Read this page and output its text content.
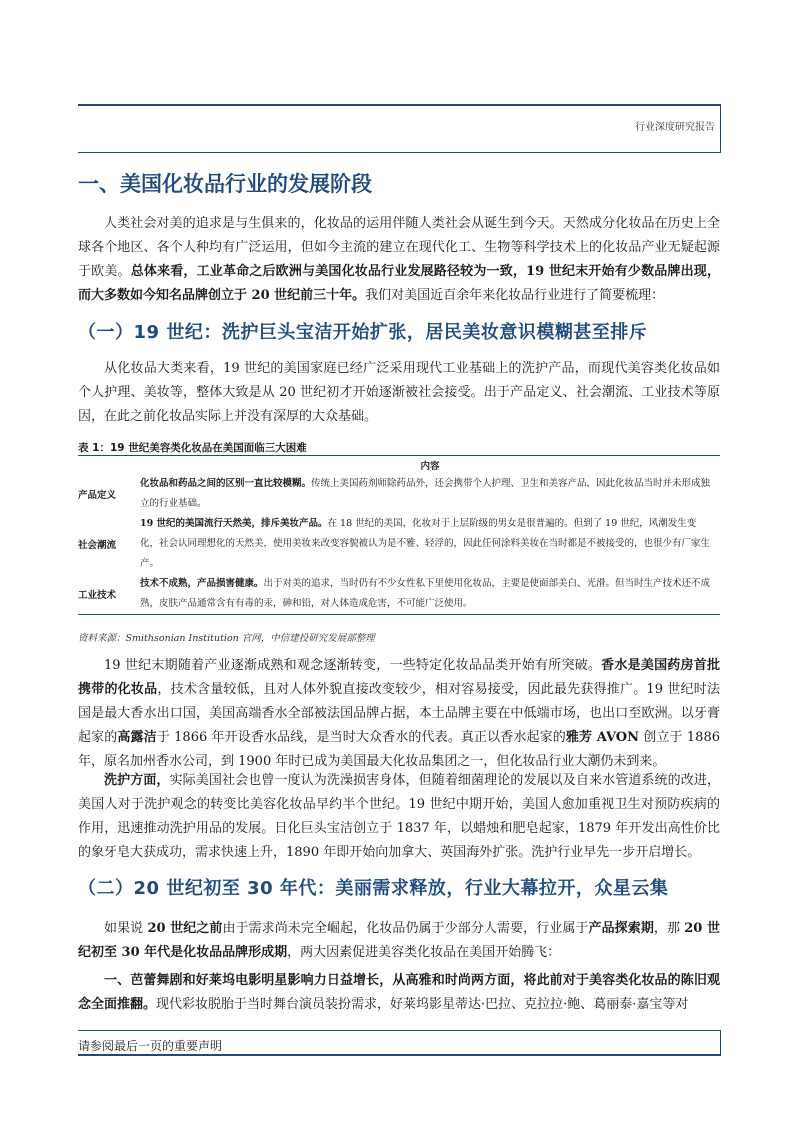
行业深度研究报告
一、美国化妆品行业的发展阶段

人类社会对美的追求是与生俱来的，化妆品的运用伴随人类社会从诞生到今天。天然成分化妆品在历史上全球各个地区、各个人种均有广泛运用，但如今主流的建立在现代化工、生物等科学技术上的化妆品产业无疑起源于欧美。总体来看，工业革命之后欧洲与美国化妆品行业发展路径较为一致，19 世纪末开始有少数品牌出现，而大多数如今知名品牌创立于 20 世纪前三十年。我们对美国近百余年来化妆品行业进行了简要梳理：

（一）19 世纪：洗护巨头宝洁开始扩张，居民美妆意识模糊甚至排斥

从化妆品大类来看，19 世纪的美国家庭已经广泛采用现代工业基础上的洗护产品，而现代美容类化妆品如个人护理、美妆等，整体大致是从 20 世纪初才开始逐渐被社会接受。出于产品定义、社会潮流、工业技术等原因，在此之前化妆品实际上并没有深厚的大众基础。

表 1：19 世纪美容类化妆品在美国面临三大困难
	内容
产品定义	化妆品和药品之间的区别一直比较模糊。传统上美国药剂师除药品外，还会携带个人护理、卫生和美容产品，因此化妆品当时并未形成独立的行业基础。
社会潮流	19 世纪的美国流行天然美，排斥美妆产品。在 18 世纪的美国，化妆对于上层阶级的男女是很普遍的。但到了 19 世纪，风潮发生变化，社会认同理想化的天然美，使用美妆来改变容貌被认为是不雅、轻浮的，因此任何涂料美妆在当时都是不被接受的，也很少有厂家生产。
工业技术	技术不成熟，产品损害健康。出于对美的追求，当时仍有不少女性私下里使用化妆品，主要是使面部美白、光滑。但当时生产技术还不成熟，皮肤产品通常含有有毒的汞，砷和铅，对人体造成危害，不可能广泛使用。
资料来源：Smithsonian Institution 官网，中信建投研究发展部整理

19 世纪末期随着产业逐渐成熟和观念逐渐转变，一些特定化妆品品类开始有所突破。香水是美国药房首批携带的化妆品，技术含量较低，且对人体外貌直接改变较少，相对容易接受，因此最先获得推广。19 世纪时法国是最大香水出口国，美国高端香水全部被法国品牌占据，本土品牌主要在中低端市场，也出口至欧洲。以牙膏起家的高露洁于 1866 年开设香水品线，是当时大众香水的代表。真正以香水起家的雅芳 AVON 创立于 1886 年，原名加州香水公司，到 1900 年时已成为美国最大化妆品集团之一，但化妆品行业大潮仍未到来。

洗护方面，实际美国社会也曾一度认为洗澡损害身体，但随着细菌理论的发展以及自来水管道系统的改进，美国人对于洗护观念的转变比美容化妆品早约半个世纪。19 世纪中期开始，美国人愈加重视卫生对预防疾病的作用，迅速推动洗护用品的发展。日化巨头宝洁创立于 1837 年，以蜡烛和肥皂起家，1879 年开发出高性价比的象牙皂大获成功，需求快速上升，1890 年即开始向加拿大、英国海外扩张。洗护行业早先一步开启增长。

（二）20 世纪初至 30 年代：美丽需求释放，行业大幕拉开，众星云集

如果说 20 世纪之前由于需求尚未完全崛起，化妆品仍属于少部分人需要，行业属于产品探索期，那 20 世纪初至 30 年代是化妆品品牌形成期，两大因素促进美容类化妆品在美国开始腾飞：

一、芭蕾舞剧和好莱坞电影明星影响力日益增长，从高雅和时尚两方面，将此前对于美容类化妆品的陈旧观念全面推翻。现代彩妆脱胎于当时舞台演员装扮需求，好莱坞影星蒂达·巴拉、克拉拉·鲍、葛丽泰·嘉宝等对

请参阅最后一页的重要声明
